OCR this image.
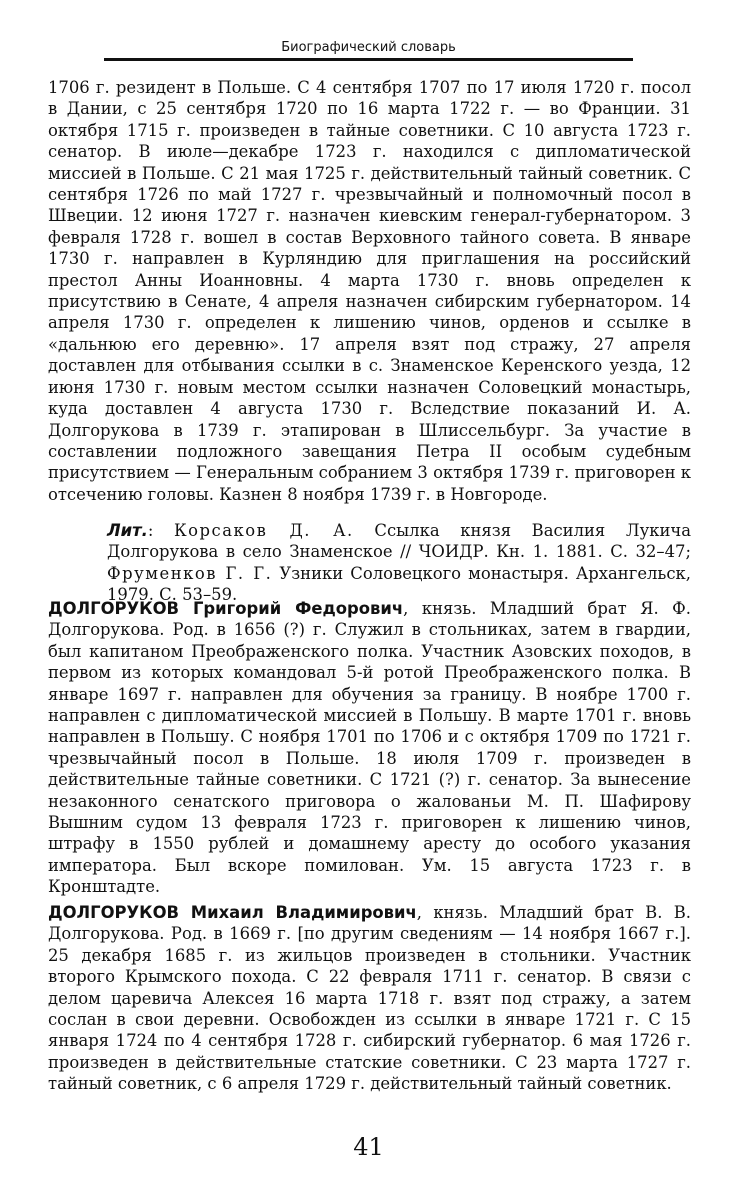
Биографический словарь

1706 г. резидент в Польше. С 4 сентября 1707 по 17 июля 1720 г. посол в Дании, с 25 сентября 1720 по 16 марта 1722 г. — во Франции. 31 октября 1715 г. произведен в тайные советники. С 10 августа 1723 г. сенатор. В июле—декабре 1723 г. находился с дипломатической миссией в Польше. С 21 мая 1725 г. действительный тайный советник. С сентября 1726 по май 1727 г. чрезвычайный и полномочный посол в Швеции. 12 июня 1727 г. назначен киевским генерал-губернатором. 3 февраля 1728 г. вошел в состав Верховного тайного совета. В январе 1730 г. направлен в Курляндию для приглашения на российский престол Анны Иоанновны. 4 марта 1730 г. вновь определен к присутствию в Сенате, 4 апреля назначен сибирским губернатором. 14 апреля 1730 г. определен к лишению чинов, орденов и ссылке в «дальнюю его деревню». 17 апреля взят под стражу, 27 апреля доставлен для отбывания ссылки в с. Знаменское Керенского уезда, 12 июня 1730 г. новым местом ссылки назначен Соловецкий монастырь, куда доставлен 4 августа 1730 г. Вследствие показаний И. А. Долгорукова в 1739 г. этапирован в Шлиссельбург. За участие в составлении подложного завещания Петра II особым судебным присутствием — Генеральным собранием 3 октября 1739 г. приговорен к отсечению головы. Казнен 8 ноября 1739 г. в Новгороде.

Лит.: Корсаков Д. А. Ссылка князя Василия Лукича Долгорукова в село Знаменское // ЧОИДР. Кн. 1. 1881. С. 32–47; Фруменков Г. Г. Узники Соловецкого монастыря. Архангельск, 1979. С. 53–59.

ДОЛГОРУКОВ Григорий Федорович, князь. Младший брат Я. Ф. Долгорукова. Род. в 1656 (?) г. Служил в стольниках, затем в гвардии, был капитаном Преображенского полка. Участник Азовских походов, в первом из которых командовал 5-й ротой Преображенского полка. В январе 1697 г. направлен для обучения за границу. В ноябре 1700 г. направлен с дипломатической миссией в Польшу. В марте 1701 г. вновь направлен в Польшу. С ноября 1701 по 1706 и с октября 1709 по 1721 г. чрезвычайный посол в Польше. 18 июля 1709 г. произведен в действительные тайные советники. С 1721 (?) г. сенатор. За вынесение незаконного сенатского приговора о жалованьи М. П. Шафирову Вышним судом 13 февраля 1723 г. приговорен к лишению чинов, штрафу в 1550 рублей и домашнему аресту до особого указания императора. Был вскоре помилован. Ум. 15 августа 1723 г. в Кронштадте.

ДОЛГОРУКОВ Михаил Владимирович, князь. Младший брат В. В. Долгорукова. Род. в 1669 г. [по другим сведениям — 14 ноября 1667 г.]. 25 декабря 1685 г. из жильцов произведен в стольники. Участник второго Крымского похода. С 22 февраля 1711 г. сенатор. В связи с делом царевича Алексея 16 марта 1718 г. взят под стражу, а затем сослан в свои деревни. Освобожден из ссылки в январе 1721 г. С 15 января 1724 по 4 сентября 1728 г. сибирский губернатор. 6 мая 1726 г. произведен в действительные статские советники. С 23 марта 1727 г. тайный советник, с 6 апреля 1729 г. действительный тайный советник.

41
